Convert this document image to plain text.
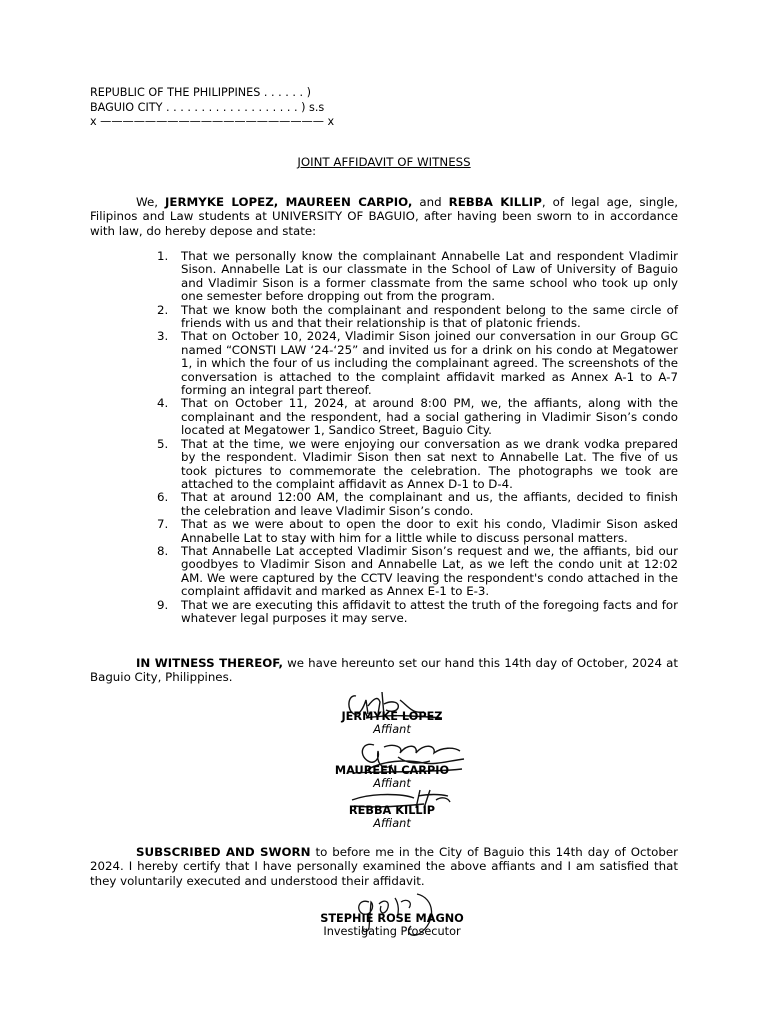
REPUBLIC OF THE PHILIPPINES . . . . . . )
BAGUIO CITY . . . . . . . . . . . . . . . . . . . ) s.s
x ———————————————————— x
JOINT AFFIDAVIT OF WITNESS
We, JERMYKE LOPEZ, MAUREEN CARPIO, and REBBA KILLIP, of legal age, single, Filipinos and Law students at UNIVERSITY OF BAGUIO, after having been sworn to in accordance with law, do hereby depose and state:
1. That we personally know the complainant Annabelle Lat and respondent Vladimir Sison. Annabelle Lat is our classmate in the School of Law of University of Baguio and Vladimir Sison is a former classmate from the same school who took up only one semester before dropping out from the program.
2. That we know both the complainant and respondent belong to the same circle of friends with us and that their relationship is that of platonic friends.
3. That on October 10, 2024, Vladimir Sison joined our conversation in our Group GC named “CONSTI LAW ‘24-‘25” and invited us for a drink on his condo at Megatower 1, in which the four of us including the complainant agreed. The screenshots of the conversation is attached to the complaint affidavit marked as Annex A-1 to A-7 forming an integral part thereof.
4. That on October 11, 2024, at around 8:00 PM, we, the affiants, along with the complainant and the respondent, had a social gathering in Vladimir Sison’s condo located at Megatower 1, Sandico Street, Baguio City.
5. That at the time, we were enjoying our conversation as we drank vodka prepared by the respondent. Vladimir Sison then sat next to Annabelle Lat. The five of us took pictures to commemorate the celebration. The photographs we took are attached to the complaint affidavit as Annex D-1 to D-4.
6. That at around 12:00 AM, the complainant and us, the affiants, decided to finish the celebration and leave Vladimir Sison’s condo.
7. That as we were about to open the door to exit his condo, Vladimir Sison asked Annabelle Lat to stay with him for a little while to discuss personal matters.
8. That Annabelle Lat accepted Vladimir Sison’s request and we, the affiants, bid our goodbyes to Vladimir Sison and Annabelle Lat, as we left the condo unit at 12:02 AM. We were captured by the CCTV leaving the respondent's condo attached in the complaint affidavit and marked as Annex E-1 to E-3.
9. That we are executing this affidavit to attest the truth of the foregoing facts and for whatever legal purposes it may serve.
IN WITNESS THEREOF, we have hereunto set our hand this 14th day of October, 2024 at Baguio City, Philippines.
JERMYKE LOPEZ
Affiant
MAUREEN CARPIO
Affiant
REBBA KILLIP
Affiant
SUBSCRIBED AND SWORN to before me in the City of Baguio this 14th day of October 2024. I hereby certify that I have personally examined the above affiants and I am satisfied that they voluntarily executed and understood their affidavit.
STEPHIE ROSE MAGNO
Investigating Prosecutor
